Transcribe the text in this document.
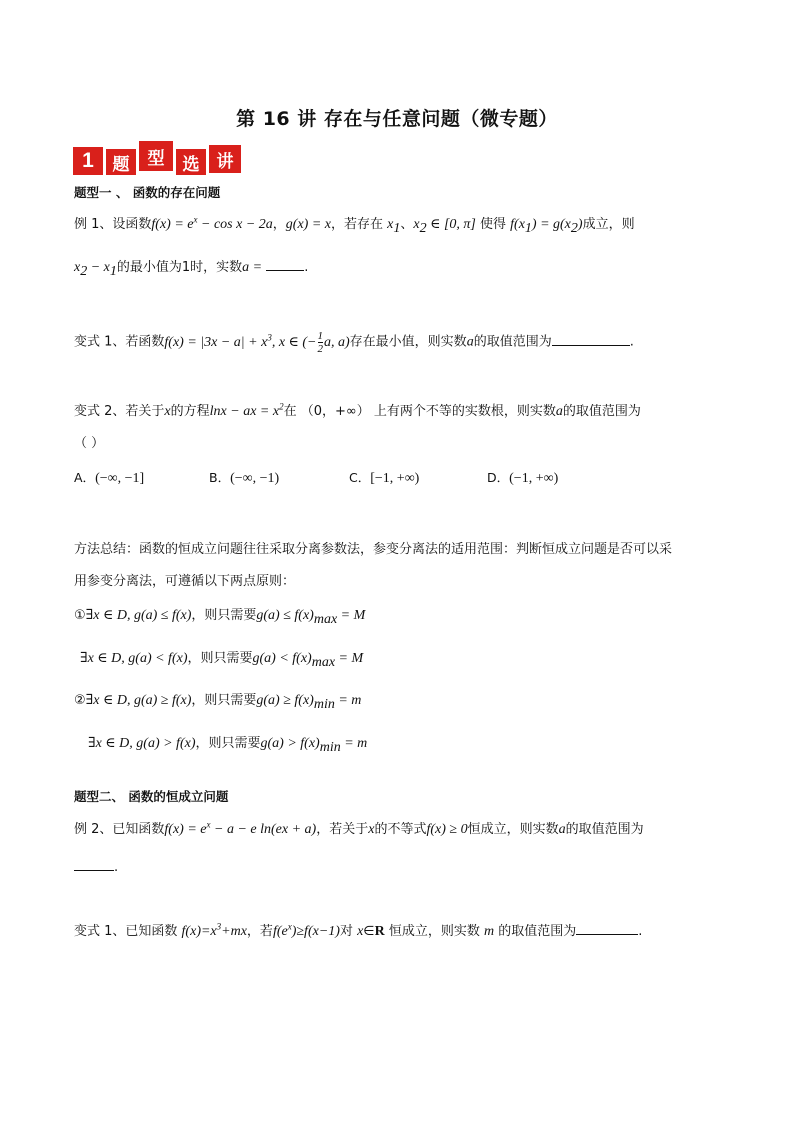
第 16 讲 存在与任意问题（微专题）
1	题	型	选	讲
题型一 、 函数的存在问题
例 1、设函数$f(x) = e^x - \cos x - 2a$，g(x) = x，若存在 $x_1$、$x_2$ ∈ [0, π] 使得 $f(x_1) = g(x_2)$成立，则
$x_2 - x_1$的最小值为1时，实数a =	.
变式 1、若函数$f(x) = |3x - a| + x^3$, x ∈ (− $\frac{1}{2} a$, a)存在最小值，则实数a的取值范围为	.
变式 2、若关于x的方程lnx − ax = $x^2$在 （0，+∞） 上有两个不等的实数根，则实数a的取值范围为
（ ）
A．(−∞, −1]	B．(−∞, −1)	C．[−1, +∞)	D．(−1, +∞)
方法总结：函数的恒成立问题往往采取分离参数法，参变分离法的适用范围：判断恒成立问题是否可以采
用参变分离法，可遵循以下两点原则：
①∃x ∈ D, g(a) ≤ f(x)，则只需要$g(a) \le f(x)_{max} = M$
∃x ∈ D, g(a) < f(x)，则只需要$g(a) < f(x)_{max} = M$
②∃x ∈ D, g(a) ≥ f(x)，则只需要$g(a) \ge f(x)_{min} = m$
∃x ∈ D, g(a) > f(x)，则只需要$g(a) > f(x)_{min} = m$
题型二、 函数的恒成立问题
例 2、已知函数$f(x) = e^x - a - e$ ln(ex + a)，若关于x的不等式f(x) ≥ 0恒成立，则实数a的取值范围为
.
变式 1、已知函数 $f(x)=x^3+mx$，若$f(e^x)\ge f(x-1)$对 x∈R 恒成立，则实数 m 的取值范围为	.
